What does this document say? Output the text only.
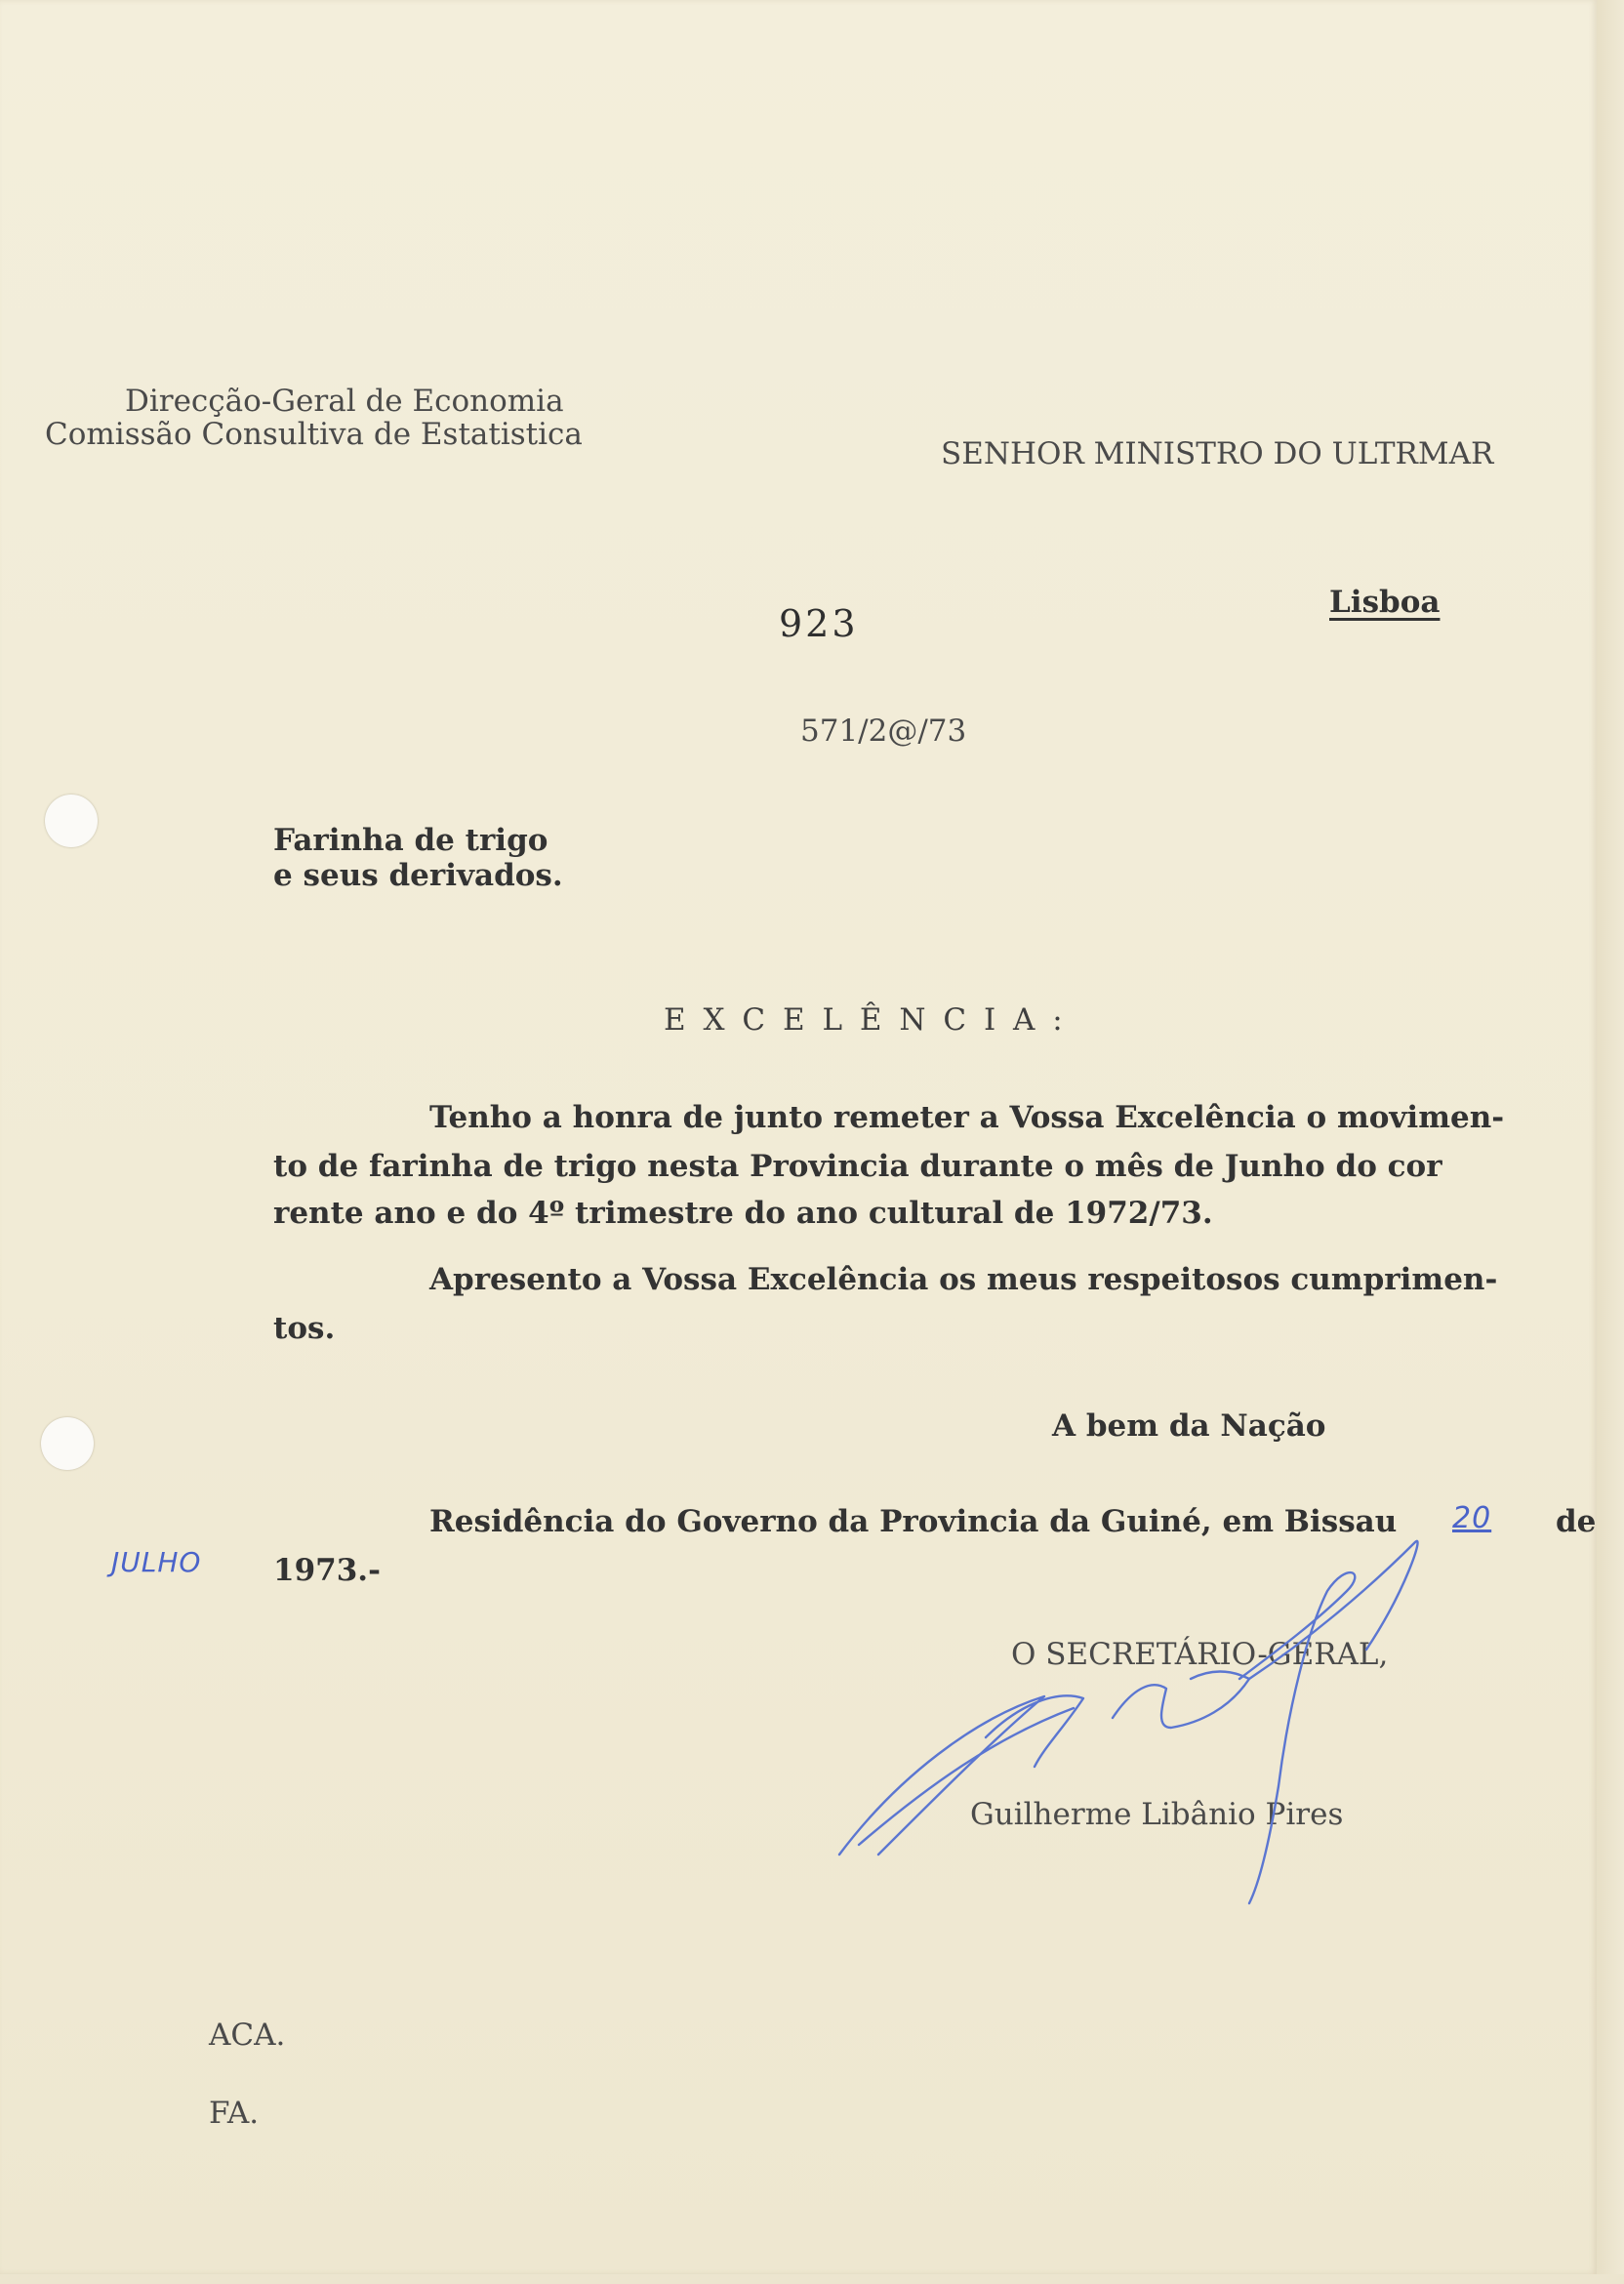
Direcção-Geral de Economia
Comissão Consultiva de Estatistica
SENHOR MINISTRO DO ULTRMAR
Lisboa
923
571/2@/73
Farinha de trigo
e seus derivados.
E X C E L Ê N C I A :
Tenho a honra de junto remeter a Vossa Excelência o movimen-
to de farinha de trigo nesta Provincia durante o mês de Junho do cor
rente ano e do 4º trimestre do ano cultural de 1972/73.
Apresento a Vossa Excelência os meus respeitosos cumprimen-
tos.
A bem da Nação
Residência do Governo da Provincia da Guiné, em Bissau 20 de
JULHO 1973.-
O SECRETÁRIO-GERAL,
Guilherme Libânio Pires
ACA.
FA.
